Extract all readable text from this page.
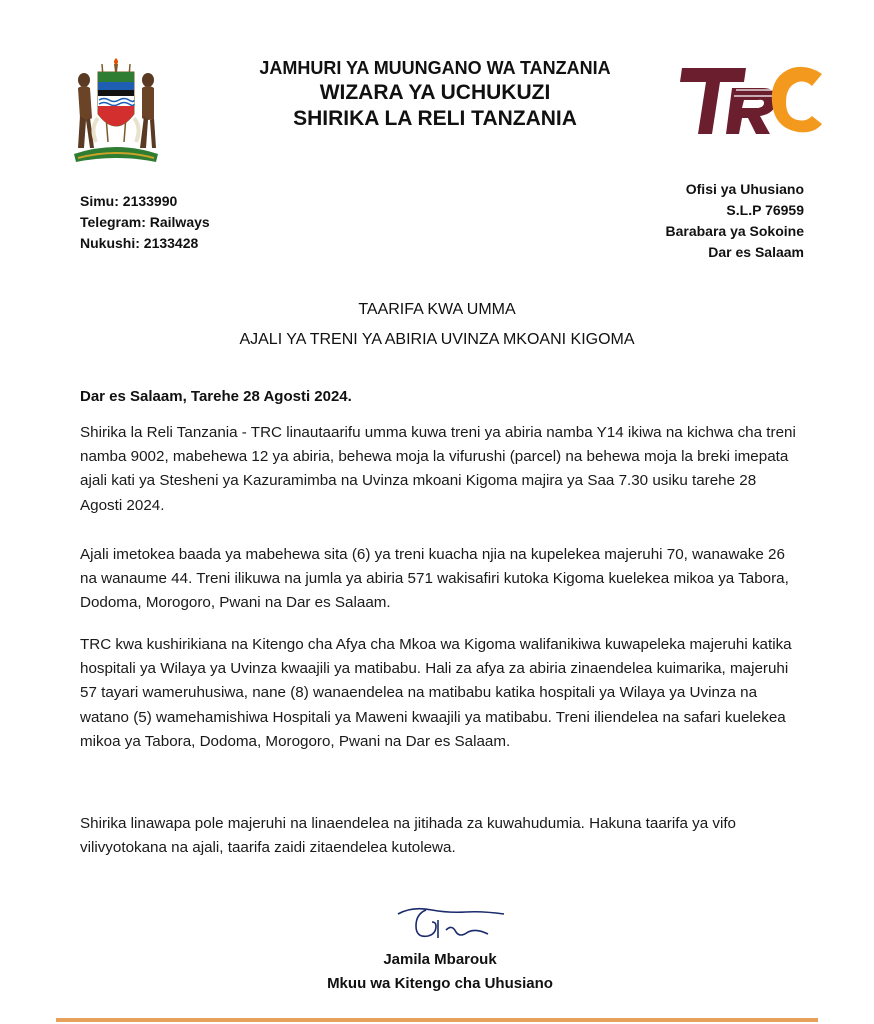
JAMHURI YA MUUNGANO WA TANZANIA
WIZARA YA UCHUKUZI
SHIRIKA LA RELI TANZANIA
Simu: 2133990
Telegram: Railways
Nukushi: 2133428
Ofisi ya Uhusiano
S.L.P 76959
Barabara ya Sokoine
Dar es Salaam
TAARIFA KWA UMMA
AJALI YA TRENI YA ABIRIA UVINZA MKOANI KIGOMA
Dar es Salaam, Tarehe 28 Agosti 2024.

Shirika la Reli Tanzania - TRC linautaarifu umma kuwa treni ya abiria namba Y14 ikiwa na kichwa cha treni namba 9002, mabehewa 12 ya abiria, behewa moja la vifurushi (parcel) na behewa moja la breki imepata ajali kati ya Stesheni ya Kazuramimba na Uvinza mkoani Kigoma majira ya Saa 7.30 usiku tarehe 28 Agosti 2024.

Ajali imetokea baada ya mabehewa sita (6) ya treni kuacha njia na kupelekea majeruhi 70, wanawake 26 na wanaume 44. Treni ilikuwa na jumla ya abiria 571 wakisafiri kutoka Kigoma kuelekea mikoa ya Tabora, Dodoma, Morogoro, Pwani na Dar es Salaam.

TRC kwa kushirikiana na Kitengo cha Afya cha Mkoa wa Kigoma walifanikiwa kuwapeleka majeruhi katika hospitali ya Wilaya ya Uvinza kwaajili ya matibabu. Hali za afya za abiria zinaendelea kuimarika, majeruhi 57 tayari wameruhusiwa, nane (8) wanaendelea na matibabu katika hospitali ya Wilaya ya Uvinza na watano (5) wamehamishiwa Hospitali ya Maweni kwaajili ya matibabu. Treni iliendelea na safari kuelekea mikoa ya Tabora, Dodoma, Morogoro, Pwani na Dar es Salaam.

Shirika linawapa pole majeruhi na linaendelea na jitihada za kuwahudumia. Hakuna taarifa ya vifo vilivyotokana na ajali, taarifa zaidi zitaendelea kutolewa.

Jamila Mbarouk
Mkuu wa Kitengo cha Uhusiano
